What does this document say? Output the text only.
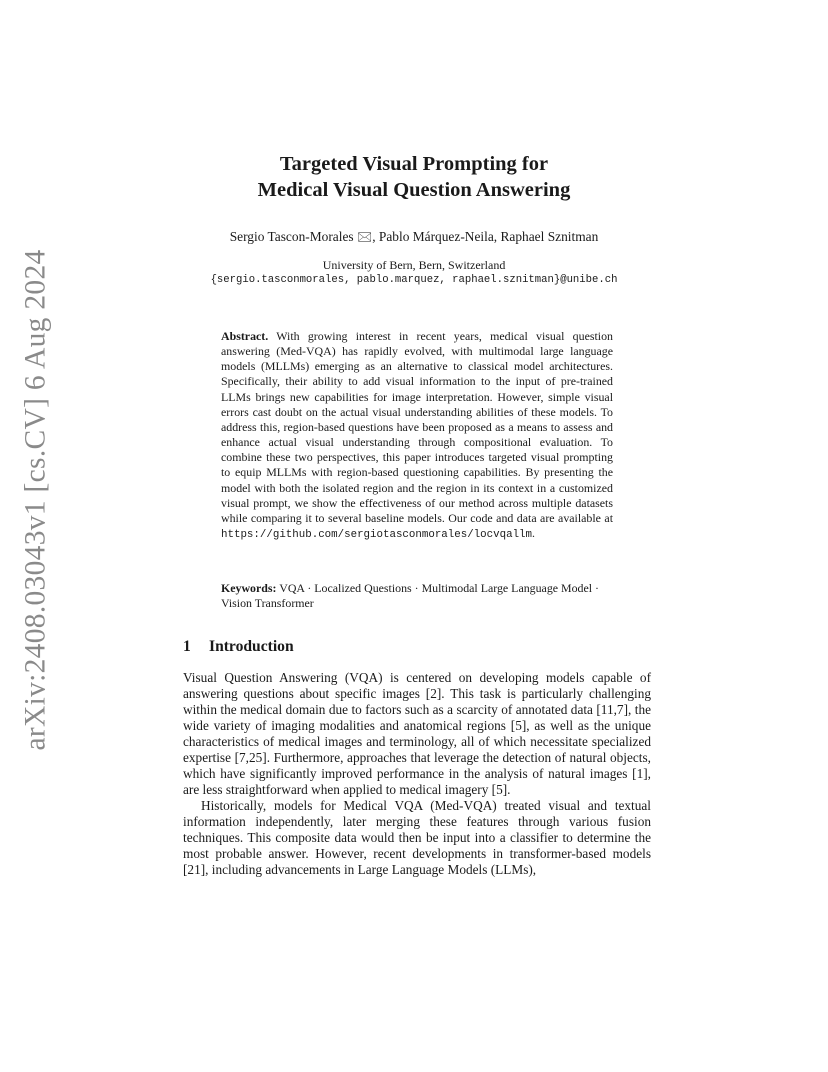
arXiv:2408.03043v1 [cs.CV] 6 Aug 2024
Targeted Visual Prompting for
Medical Visual Question Answering
Sergio Tascon-Morales 🖂, Pablo Márquez-Neila, Raphael Sznitman
University of Bern, Bern, Switzerland
{sergio.tasconmorales, pablo.marquez, raphael.sznitman}@unibe.ch

Abstract. With growing interest in recent years, medical visual question answering (Med-VQA) has rapidly evolved, with multimodal large language models (MLLMs) emerging as an alternative to classical model architectures. Specifically, their ability to add visual information to the input of pre-trained LLMs brings new capabilities for image interpretation. However, simple visual errors cast doubt on the actual visual understanding abilities of these models. To address this, region-based questions have been proposed as a means to assess and enhance actual visual understanding through compositional evaluation. To combine these two perspectives, this paper introduces targeted visual prompting to equip MLLMs with region-based questioning capabilities. By presenting the model with both the isolated region and the region in its context in a customized visual prompt, we show the effectiveness of our method across multiple datasets while comparing it to several baseline models. Our code and data are available at https://github.com/sergiotasconmorales/locvqallm.

Keywords: VQA · Localized Questions · Multimodal Large Language Model · Vision Transformer

1 Introduction

Visual Question Answering (VQA) is centered on developing models capable of answering questions about specific images [2]. This task is particularly challenging within the medical domain due to factors such as a scarcity of annotated data [11,7], the wide variety of imaging modalities and anatomical regions [5], as well as the unique characteristics of medical images and terminology, all of which necessitate specialized expertise [7,25]. Furthermore, approaches that leverage the detection of natural objects, which have significantly improved performance in the analysis of natural images [1], are less straightforward when applied to medical imagery [5].

Historically, models for Medical VQA (Med-VQA) treated visual and textual information independently, later merging these features through various fusion techniques. This composite data would then be input into a classifier to determine the most probable answer. However, recent developments in transformer-based models [21], including advancements in Large Language Models (LLMs),
